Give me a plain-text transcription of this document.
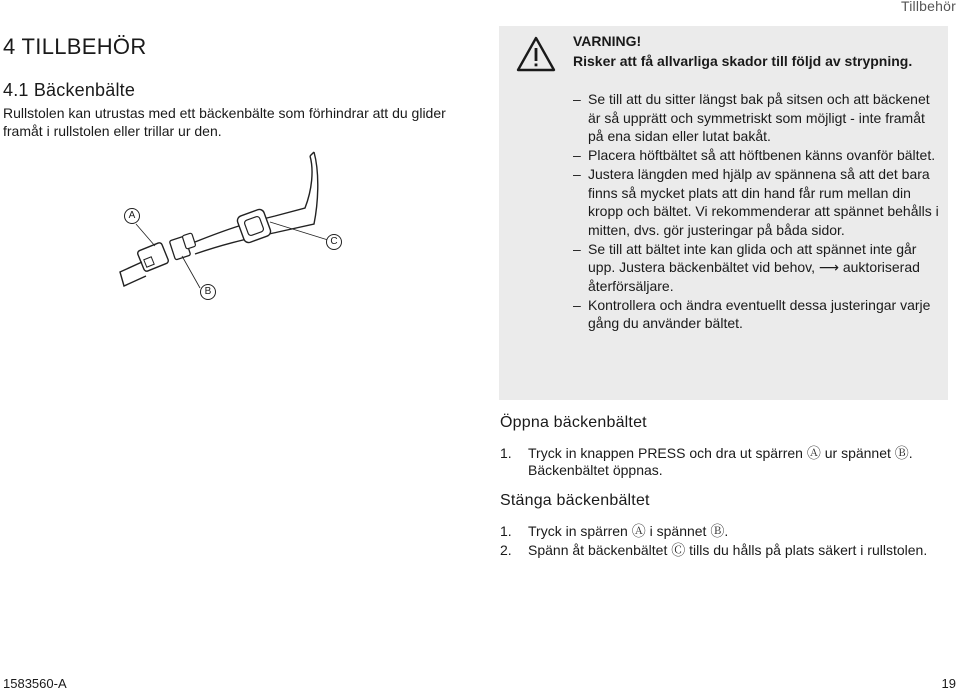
Tillbehör
4 TILLBEHÖR
4.1 Bäckenbälte
Rullstolen kan utrustas med ett bäckenbälte som förhindrar att du glider framåt i rullstolen eller trillar ur den.
A
B
C
VARNING!
Risker att få allvarliga skador till följd av strypning.
– Se till att du sitter längst bak på sitsen och att bäckenet är så upprätt och symmetriskt som möjligt - inte framåt på ena sidan eller lutat bakåt.
– Placera höftbältet så att höftbenen känns ovanför bältet.
– Justera längden med hjälp av spännena så att det bara finns så mycket plats att din hand får rum mellan din kropp och bältet. Vi rekommenderar att spännet behålls i mitten, dvs. gör justeringar på båda sidor.
– Se till att bältet inte kan glida och att spännet inte går upp. Justera bäckenbältet vid behov, ⟶ auktoriserad återförsäljare.
– Kontrollera och ändra eventuellt dessa justeringar varje gång du använder bältet.
Öppna bäckenbältet
1. Tryck in knappen PRESS och dra ut spärren Ⓐ ur spännet Ⓑ. Bäckenbältet öppnas.
Stänga bäckenbältet
1. Tryck in spärren Ⓐ i spännet Ⓑ.
2. Spänn åt bäckenbältet Ⓒ tills du hålls på plats säkert i rullstolen.
1583560-A	19
